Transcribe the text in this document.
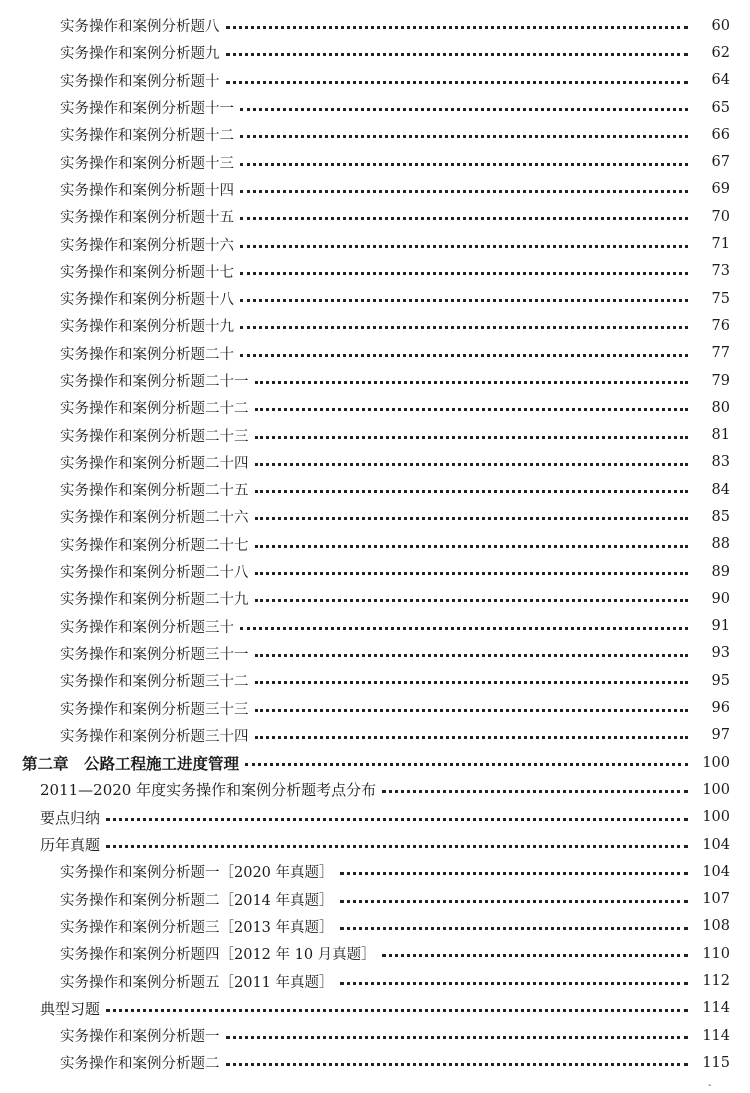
实务操作和案例分析题八	60
实务操作和案例分析题九	62
实务操作和案例分析题十	64
实务操作和案例分析题十一	65
实务操作和案例分析题十二	66
实务操作和案例分析题十三	67
实务操作和案例分析题十四	69
实务操作和案例分析题十五	70
实务操作和案例分析题十六	71
实务操作和案例分析题十七	73
实务操作和案例分析题十八	75
实务操作和案例分析题十九	76
实务操作和案例分析题二十	77
实务操作和案例分析题二十一	79
实务操作和案例分析题二十二	80
实务操作和案例分析题二十三	81
实务操作和案例分析题二十四	83
实务操作和案例分析题二十五	84
实务操作和案例分析题二十六	85
实务操作和案例分析题二十七	88
实务操作和案例分析题二十八	89
实务操作和案例分析题二十九	90
实务操作和案例分析题三十	91
实务操作和案例分析题三十一	93
实务操作和案例分析题三十二	95
实务操作和案例分析题三十三	96
实务操作和案例分析题三十四	97
第二章　公路工程施工进度管理	100
2011—2020 年度实务操作和案例分析题考点分布	100
要点归纳	100
历年真题	104
实务操作和案例分析题一［2020 年真题］	104
实务操作和案例分析题二［2014 年真题］	107
实务操作和案例分析题三［2013 年真题］	108
实务操作和案例分析题四［2012 年 10 月真题］	110
实务操作和案例分析题五［2011 年真题］	112
典型习题	114
实务操作和案例分析题一	114
实务操作和案例分析题二	115
-
